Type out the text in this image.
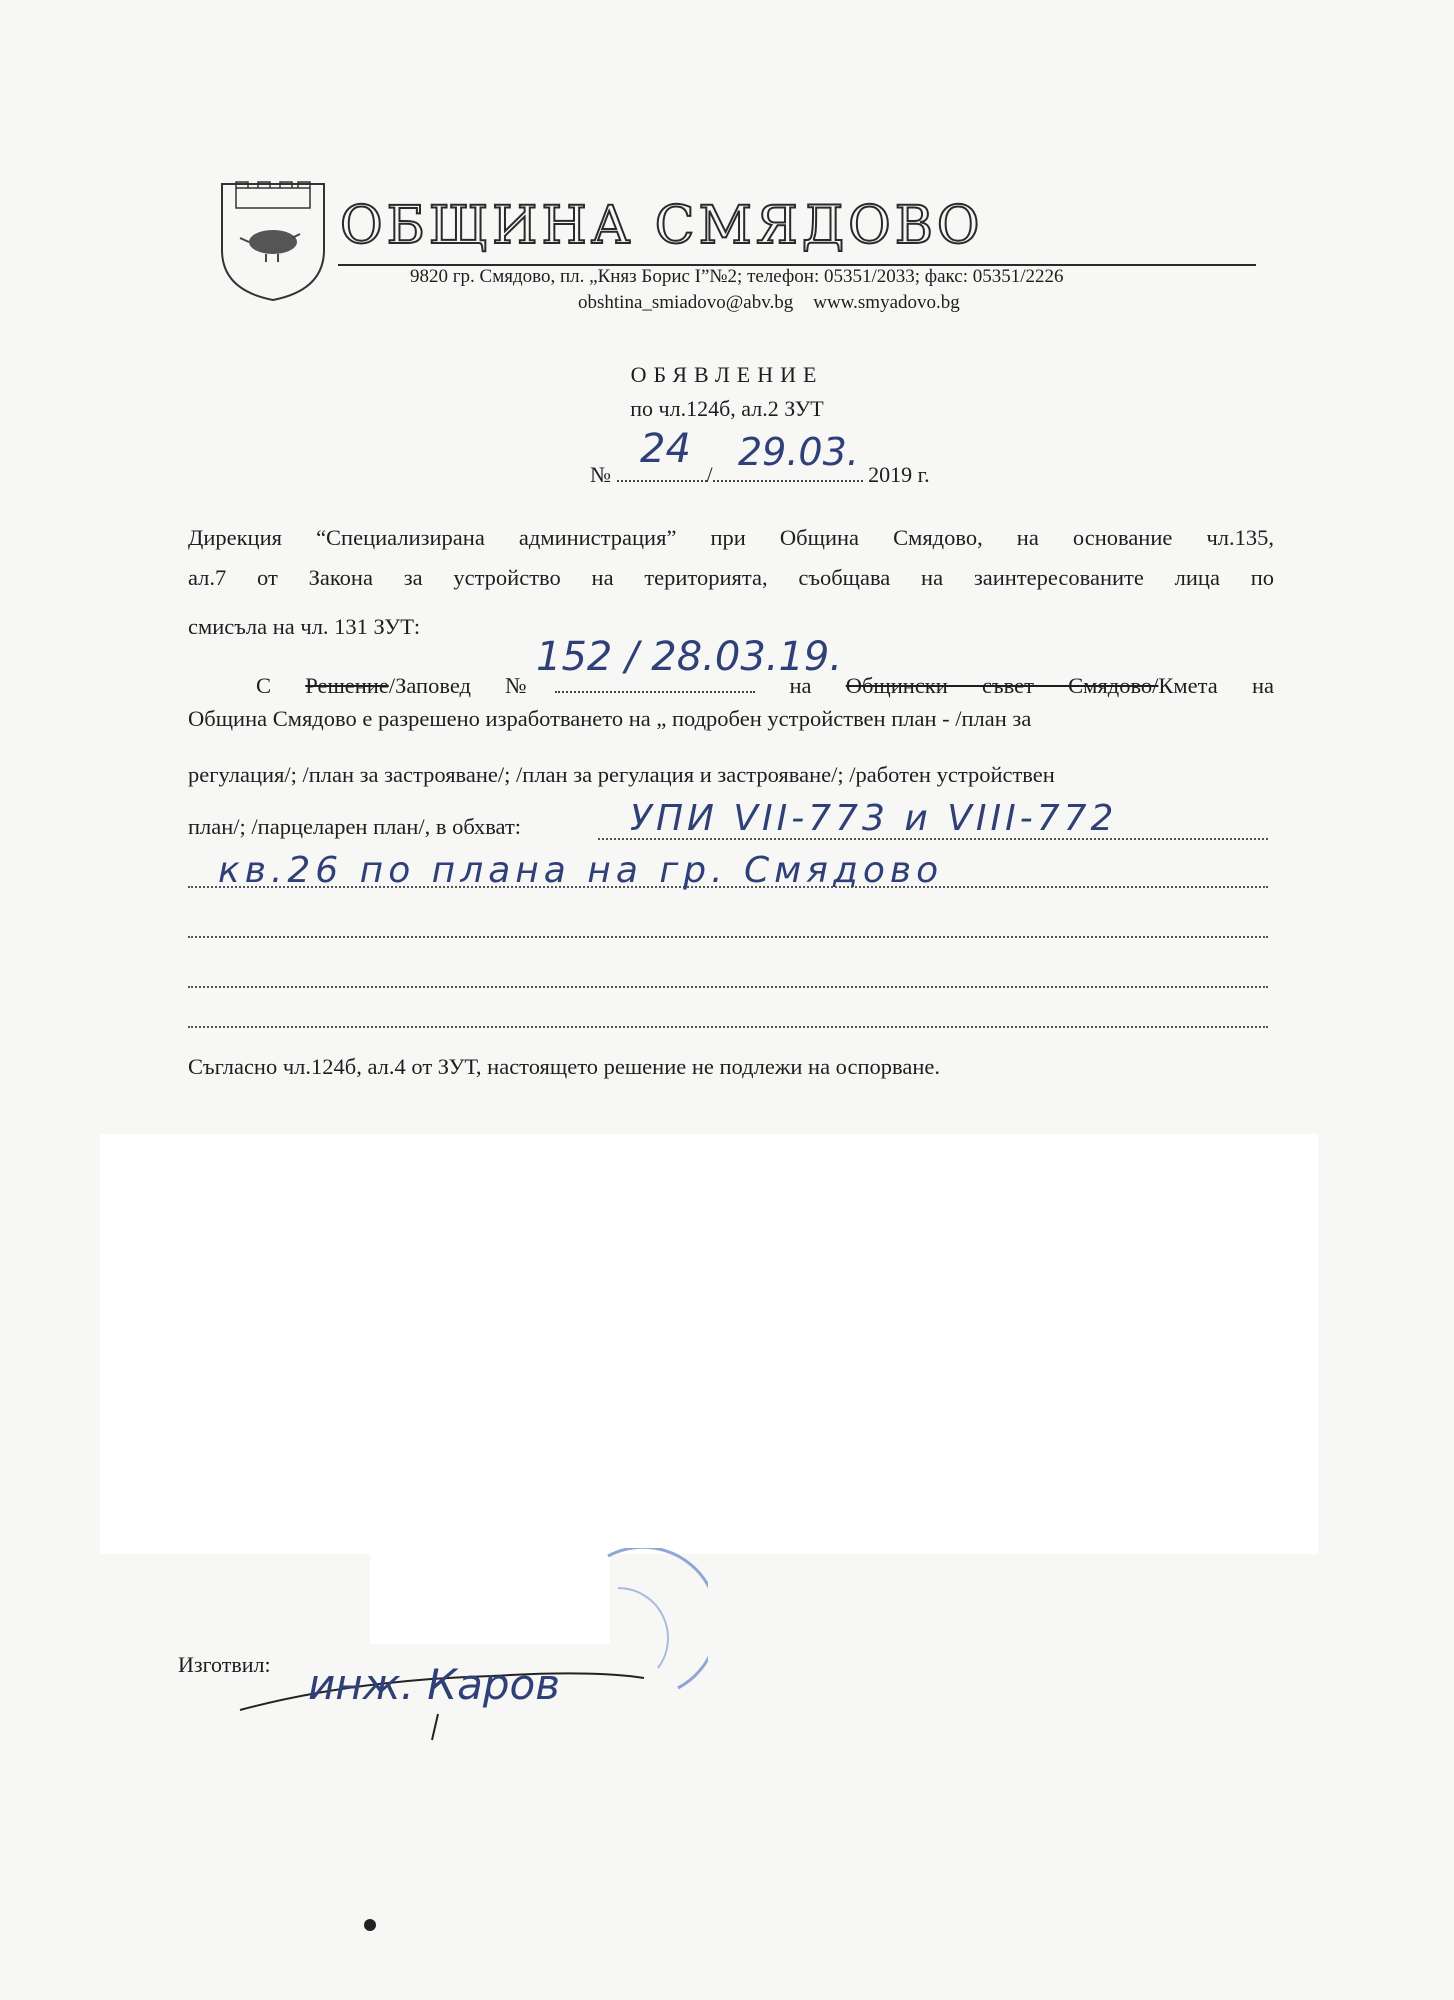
ОБЩИНА СМЯДОВО
9820 гр. Смядово, пл. „Княз Борис I”№2; телефон: 05351/2033; факс: 05351/2226
obshtina_smiadovo@abv.bg www.smyadovo.bg
ОБЯВЛЕНИЕ
по чл.124б, ал.2 ЗУТ
№	/	2019 г.
24 29.03.
Дирекция “Специализирана администрация” при Община Смядово, на основание чл.135,
ал.7 от Закона за устройство на територията, съобщава на заинтересованите лица по
смисъла на чл. 131 ЗУТ:
С Решение/Заповед №	на Общински съвет Смядово/Кмета на
152 / 28.03.19.
Община Смядово е разрешено изработването на „ подробен устройствен план - /план за
регулация/; /план за застрояване/; /план за регулация и застрояване/; /работен устройствен
план/; /парцеларен план/, в обхват:	УПИ VII-773 и VIII-772
кв.26 по плана на гр. Смядово
Съгласно чл.124б, ал.4 от ЗУТ, настоящето решение не подлежи на оспорване.
Изготвил: инж. Каров
